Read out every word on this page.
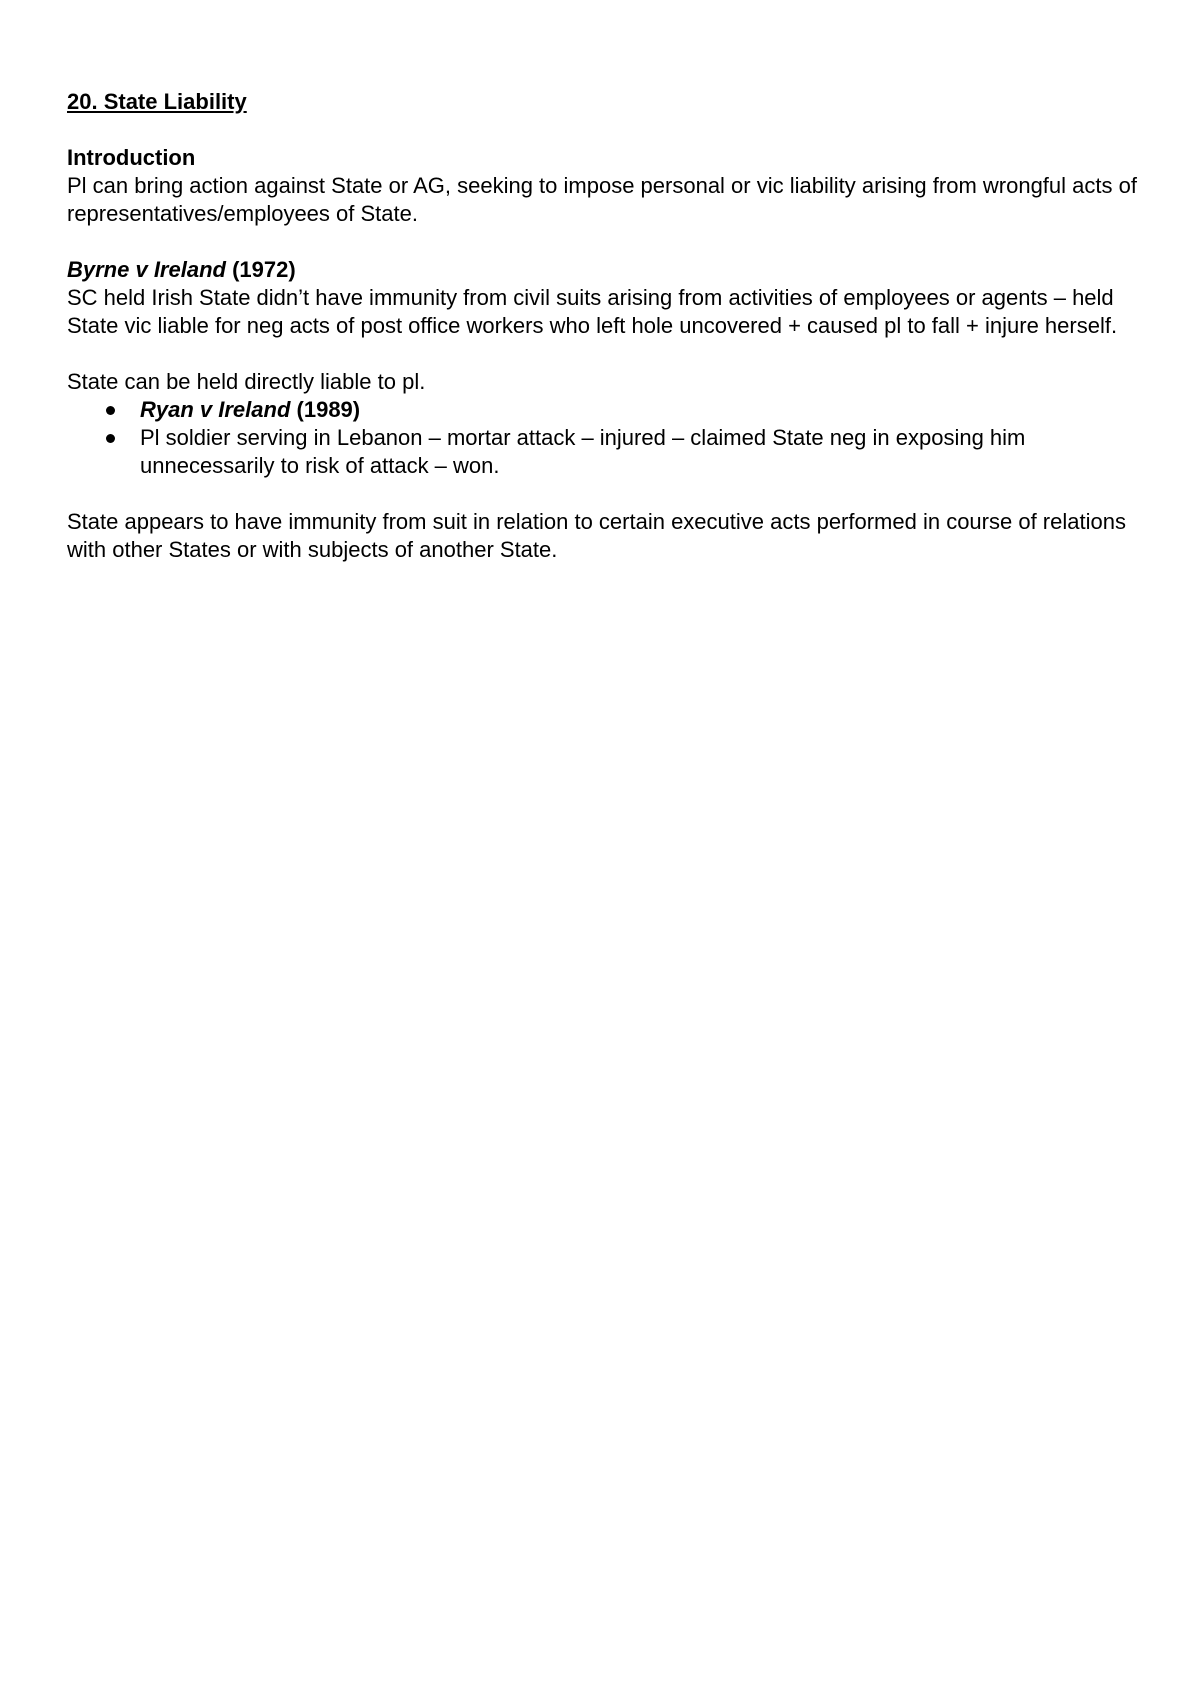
20. State Liability

Introduction

Pl can bring action against State or AG, seeking to impose personal or vic liability arising from wrongful acts of representatives/employees of State.

Byrne v Ireland (1972)

SC held Irish State didn’t have immunity from civil suits arising from activities of employees or agents – held State vic liable for neg acts of post office workers who left hole uncovered + caused pl to fall + injure herself.

State can be held directly liable to pl.

Ryan v Ireland (1989)
Pl soldier serving in Lebanon – mortar attack – injured – claimed State neg in exposing him unnecessarily to risk of attack – won.

State appears to have immunity from suit in relation to certain executive acts performed in course of relations with other States or with subjects of another State.
